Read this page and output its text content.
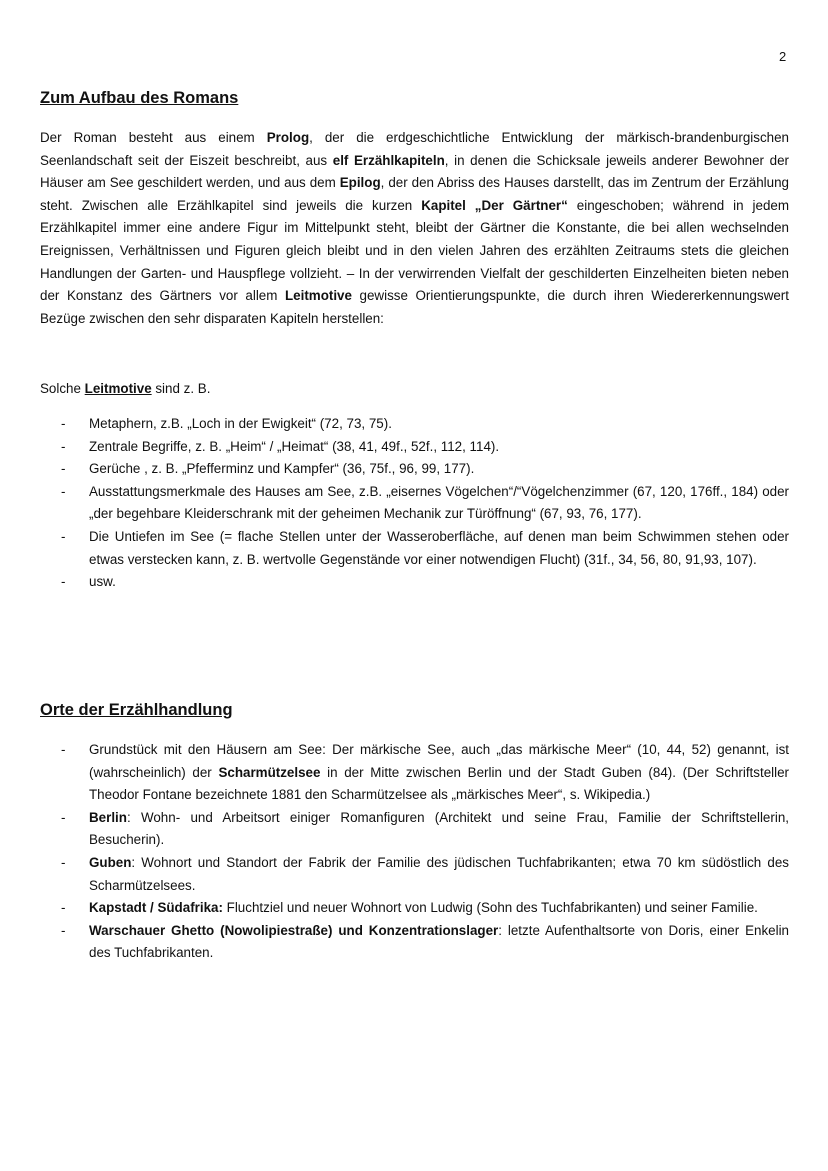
2
Zum Aufbau des Romans

Der Roman besteht aus einem Prolog, der die erdgeschichtliche Entwicklung der märkisch-brandenburgischen Seenlandschaft seit der Eiszeit beschreibt, aus elf Erzählkapiteln, in denen die Schicksale jeweils anderer Bewohner der Häuser am See geschildert werden, und aus dem Epilog, der den Abriss des Hauses darstellt, das im Zentrum der Erzählung steht. Zwischen alle Erzählkapitel sind jeweils die kurzen Kapitel „Der Gärtner“ eingeschoben; während in jedem Erzählkapitel immer eine andere Figur im Mittelpunkt steht, bleibt der Gärtner die Konstante, die bei allen wechselnden Ereignissen, Verhältnissen und Figuren gleich bleibt und in den vielen Jahren des erzählten Zeitraums stets die gleichen Handlungen der Garten- und Hauspflege vollzieht. – In der verwirrenden Vielfalt der geschilderten Einzelheiten bieten neben der Konstanz des Gärtners vor allem Leitmotive gewisse Orientierungspunkte, die durch ihren Wiedererkennungswert Bezüge zwischen den sehr disparaten Kapiteln herstellen:

Solche Leitmotive sind z. B.

- Metaphern, z.B. „Loch in der Ewigkeit“ (72, 73, 75).
- Zentrale Begriffe, z. B. „Heim“ / „Heimat“ (38, 41, 49f., 52f., 112, 114).
- Gerüche , z. B. „Pfefferminz und Kampfer“ (36, 75f., 96, 99, 177).
- Ausstattungsmerkmale des Hauses am See, z.B. „eisernes Vögelchen“/“Vögelchenzimmer (67, 120, 176ff., 184) oder „der begehbare Kleiderschrank mit der geheimen Mechanik zur Türöffnung“ (67, 93, 76, 177).
- Die Untiefen im See (= flache Stellen unter der Wasseroberfläche, auf denen man beim Schwimmen stehen oder etwas verstecken kann, z. B. wertvolle Gegenstände vor einer notwendigen Flucht) (31f., 34, 56, 80, 91,93, 107).
- usw.
Orte der Erzählhandlung
- Grundstück mit den Häusern am See: Der märkische See, auch „das märkische Meer“ (10, 44, 52) genannt, ist (wahrscheinlich) der Scharmützelsee in der Mitte zwischen Berlin und der Stadt Guben (84). (Der Schriftsteller Theodor Fontane bezeichnete 1881 den Scharmützelsee als „märkisches Meer“, s. Wikipedia.)
- Berlin: Wohn- und Arbeitsort einiger Romanfiguren (Architekt und seine Frau, Familie der Schriftstellerin, Besucherin).
- Guben: Wohnort und Standort der Fabrik der Familie des jüdischen Tuchfabrikanten; etwa 70 km südöstlich des Scharmützelsees.
- Kapstadt / Südafrika: Fluchtziel und neuer Wohnort von Ludwig (Sohn des Tuchfabrikanten) und seiner Familie.
- Warschauer Ghetto (Nowolipiestraße) und Konzentrationslager: letzte Aufenthaltsorte von Doris, einer Enkelin des Tuchfabrikanten.
